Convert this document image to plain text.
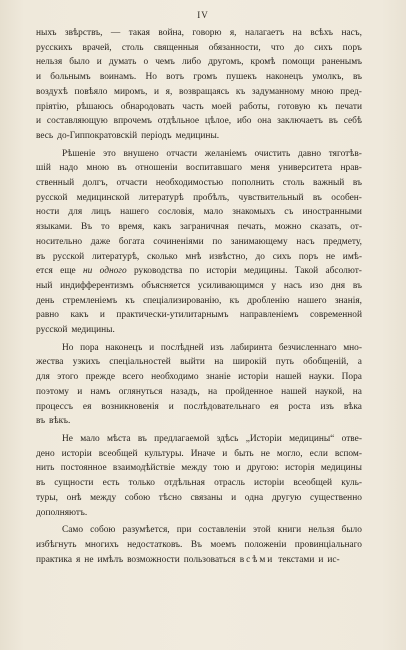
IV
ныхъ звѣрствъ, — такая война, говорю я, налагаетъ на всѣхъ насъ,
русскихъ врачей, столь священныя обязанности, что до сихъ поръ
нельзя было и думать о чемъ либо другомъ, кромѣ помощи раненымъ
и больнымъ воинамъ. Но вотъ громъ пушекъ наконецъ умолкъ, въ
воздухѣ повѣяло миромъ, и я, возвращаясь къ задуманному мною пред-
пріятію, рѣшаюсь обнародовать часть моей работы, готовую къ печати
и составляющую впрочемъ отдѣльное цѣлое, ибо она заключаетъ въ себѣ
весь до-Гиппократовскій періодъ медицины.
Рѣшеніе это внушено отчасти желаніемъ очистить давно тяготѣв-
шій надо мною въ отношеніи воспитавшаго меня университета нрав-
ственный долгъ, отчасти необходимостью пополнить столь важный въ
русской медицинской литературѣ пробѣлъ, чувствительный въ особен-
ности для лицъ нашего сословія, мало знакомыхъ съ иностранными
языками. Въ то время, какъ заграничная печать, можно сказать, от-
носительно даже богата сочиненіями по занимающему насъ предмету,
въ русской литературѣ, сколько мнѣ извѣстно, до сихъ поръ не имѣ-
ется еще ни одного руководства по исторіи медицины. Такой абсолют-
ный индифферентизмъ объясняется усиливающимся у насъ изо дня въ
день стремленіемъ къ спеціализированію, къ дробленію нашего знанія,
равно какъ и практически-утилитарнымъ направленіемъ современной
русской медицины.
Но пора наконецъ и послѣдней изъ лабиринта безчисленнаго мно-
жества узкихъ спеціальностей выйти на широкій путь обобщеній, а
для этого прежде всего необходимо знаніе исторіи нашей науки. Пора
поэтому и намъ оглянуться назадъ, на пройденное нашей наукой, на
процессъ ея возникновенія и послѣдовательнаго ея роста изъ вѣка
въ вѣкъ.
Не мало мѣста въ предлагаемой здѣсь „Исторіи медицины“ отве-
дено исторіи всеобщей культуры. Иначе и быть не могло, если вспом-
нить постоянное взаимодѣйствіе между тою и другою: исторія медицины
въ сущности есть только отдѣльная отрасль исторіи всеобщей куль-
туры, онѣ между собою тѣсно связаны и одна другую существенно
дополняютъ.
Само собою разумѣется, при составленіи этой книги нельзя было
избѣгнуть многихъ недостатковъ. Въ моемъ положеніи провинціальнаго
практика я не имѣлъ возможности пользоваться всѣми текстами и ис-
